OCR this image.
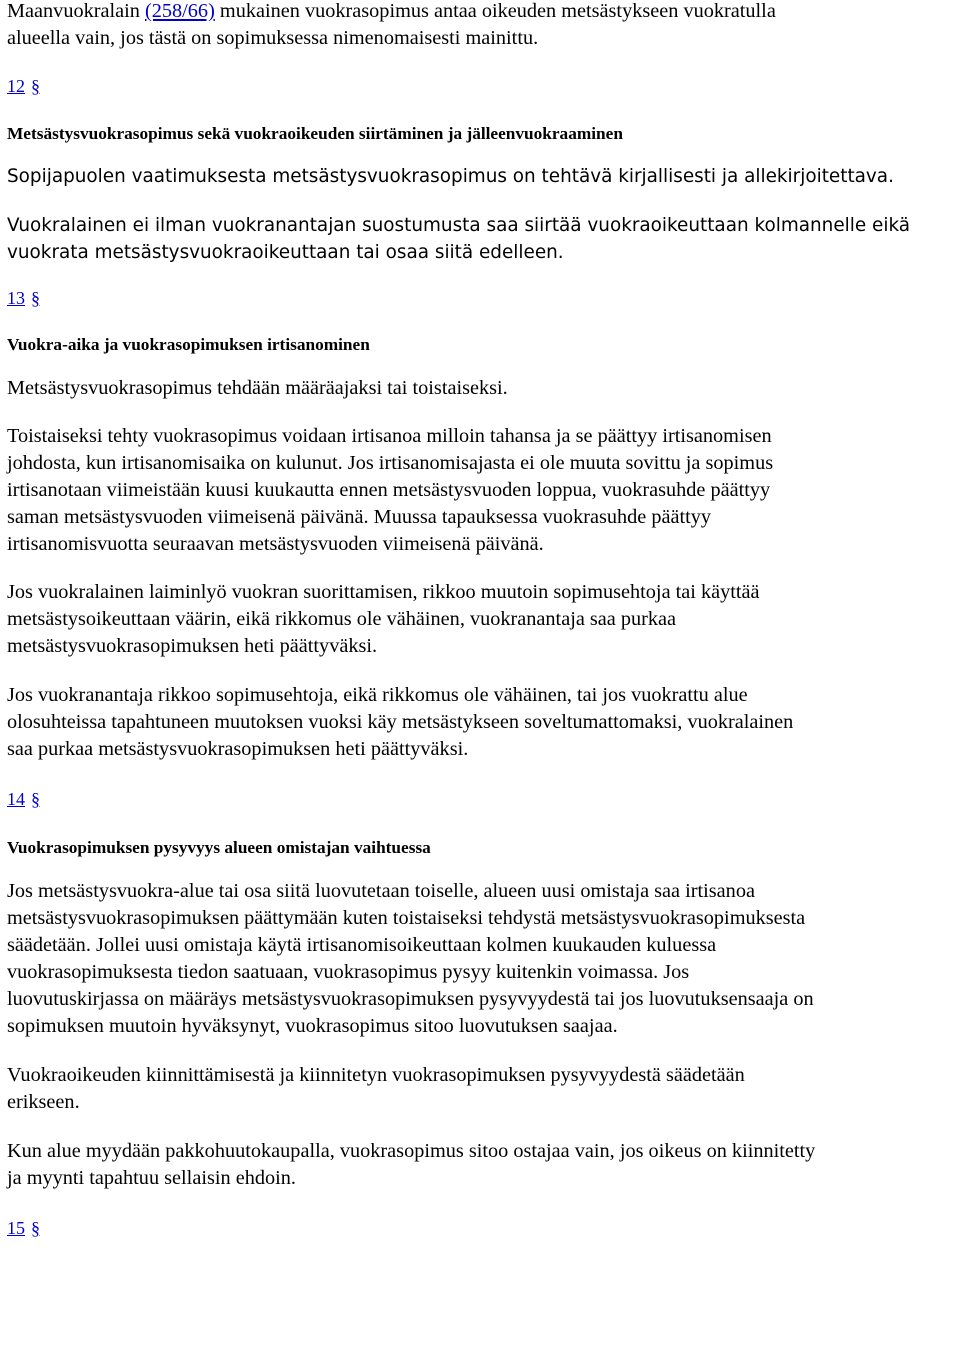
Maanvuokralain (258/66) mukainen vuokrasopimus antaa oikeuden metsästykseen vuokratulla
alueella vain, jos tästä on sopimuksessa nimenomaisesti mainittu.

12 §

Metsästysvuokrasopimus sekä vuokraoikeuden siirtäminen ja jälleenvuokraaminen

Sopijapuolen vaatimuksesta metsästysvuokrasopimus on tehtävä kirjallisesti ja allekirjoitettava.

Vuokralainen ei ilman vuokranantajan suostumusta saa siirtää vuokraoikeuttaan kolmannelle eikä
vuokrata metsästysvuokraoikeuttaan tai osaa siitä edelleen.

13 §

Vuokra-aika ja vuokrasopimuksen irtisanominen

Metsästysvuokrasopimus tehdään määräajaksi tai toistaiseksi.

Toistaiseksi tehty vuokrasopimus voidaan irtisanoa milloin tahansa ja se päättyy irtisanomisen
johdosta, kun irtisanomisaika on kulunut. Jos irtisanomisajasta ei ole muuta sovittu ja sopimus
irtisanotaan viimeistään kuusi kuukautta ennen metsästysvuoden loppua, vuokrasuhde päättyy
saman metsästysvuoden viimeisenä päivänä. Muussa tapauksessa vuokrasuhde päättyy
irtisanomisvuotta seuraavan metsästysvuoden viimeisenä päivänä.

Jos vuokralainen laiminlyö vuokran suorittamisen, rikkoo muutoin sopimusehtoja tai käyttää
metsästysoikeuttaan väärin, eikä rikkomus ole vähäinen, vuokranantaja saa purkaa
metsästysvuokrasopimuksen heti päättyväksi.

Jos vuokranantaja rikkoo sopimusehtoja, eikä rikkomus ole vähäinen, tai jos vuokrattu alue
olosuhteissa tapahtuneen muutoksen vuoksi käy metsästykseen soveltumattomaksi, vuokralainen
saa purkaa metsästysvuokrasopimuksen heti päättyväksi.

14 §

Vuokrasopimuksen pysyvyys alueen omistajan vaihtuessa

Jos metsästysvuokra-alue tai osa siitä luovutetaan toiselle, alueen uusi omistaja saa irtisanoa
metsästysvuokrasopimuksen päättymään kuten toistaiseksi tehdystä metsästysvuokrasopimuksesta
säädetään. Jollei uusi omistaja käytä irtisanomisoikeuttaan kolmen kuukauden kuluessa
vuokrasopimuksesta tiedon saatuaan, vuokrasopimus pysyy kuitenkin voimassa. Jos
luovutuskirjassa on määräys metsästysvuokrasopimuksen pysyvyydestä tai jos luovutuksensaaja on
sopimuksen muutoin hyväksynyt, vuokrasopimus sitoo luovutuksen saajaa.

Vuokraoikeuden kiinnittämisestä ja kiinnitetyn vuokrasopimuksen pysyvyydestä säädetään
erikseen.

Kun alue myydään pakkohuutokaupalla, vuokrasopimus sitoo ostajaa vain, jos oikeus on kiinnitetty
ja myynti tapahtuu sellaisin ehdoin.

15 §
